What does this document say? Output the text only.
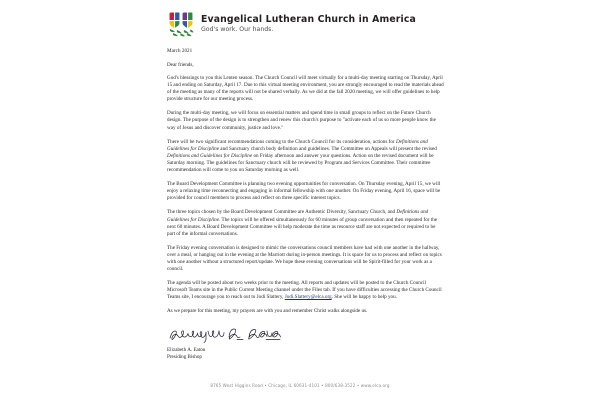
Evangelical Lutheran Church in America
God's work. Our hands.
March 2021
Dear friends,

God's blessings to you this Lenten season. The Church Council will meet virtually for a multi-day meeting starting on Thursday, April 15 and ending on Saturday, April 17. Due to this virtual meeting environment, you are strongly encouraged to read the materials ahead of the meeting as many of the reports will not be shared verbally. As we did at the fall 2020 meeting, we will offer guidelines to help provide structure for our meeting process.

During the multi-day meeting, we will focus on essential matters and spend time in small groups to reflect on the Future Church design. The purpose of the design is to strengthen and renew this church's purpose to "activate each of us so more people know the way of Jesus and discover community, justice and love."

There will be two significant recommendations coming to the Church Council for its consideration, actions for Definitions and Guidelines for Discipline and Sanctuary church body definition and guidelines. The Committee on Appeals will present the revised Definitions and Guidelines for Discipline on Friday afternoon and answer your questions. Action on the revised document will be Saturday morning. The guidelines for Sanctuary church will be reviewed by Program and Services Committee. Their committee recommendation will come to you on Saturday morning as well.

The Board Development Committee is planning two evening opportunities for conversation. On Thursday evening, April 15, we will enjoy a relaxing time reconnecting and engaging in informal fellowship with one another. On Friday evening, April 16, space will be provided for council members to process and reflect on three specific interest topics.

The three topics chosen by the Board Development Committee are Authentic Diversity, Sanctuary Church, and Definitions and Guidelines for Discipline. The topics will be offered simultaneously for 60 minutes of group conversation and then repeated for the next 60 minutes. A Board Development Committee will help moderate the time as resource staff are not expected or required to be part of the informal conversations.

The Friday evening conversation is designed to mimic the conversations council members have had with one another in the hallway, over a meal, or hanging out in the evening at the Marriott during in-person meetings. It is space for us to process and reflect on topics with one another without a structured report/update. We hope these evening conversations will be Spirit-filled for your work as a council.

The agenda will be posted about two weeks prior to the meeting. All reports and updates will be posted to the Church Council Microsoft Teams site in the Public Current Meeting channel under the Files tab. If you have difficulties accessing the Church Council Teams site, I encourage you to reach out to Jodi Slattery, Jodi.Slattery@elca.org. She will be happy to help you.

As we prepare for this meeting, my prayers are with you and remember Christ walks alongside us.
Elizabeth A. Eaton
Presiding Bishop
8765 West Higgins Road • Chicago, IL 60631-4101 • 800/638-3522 • www.elca.org
